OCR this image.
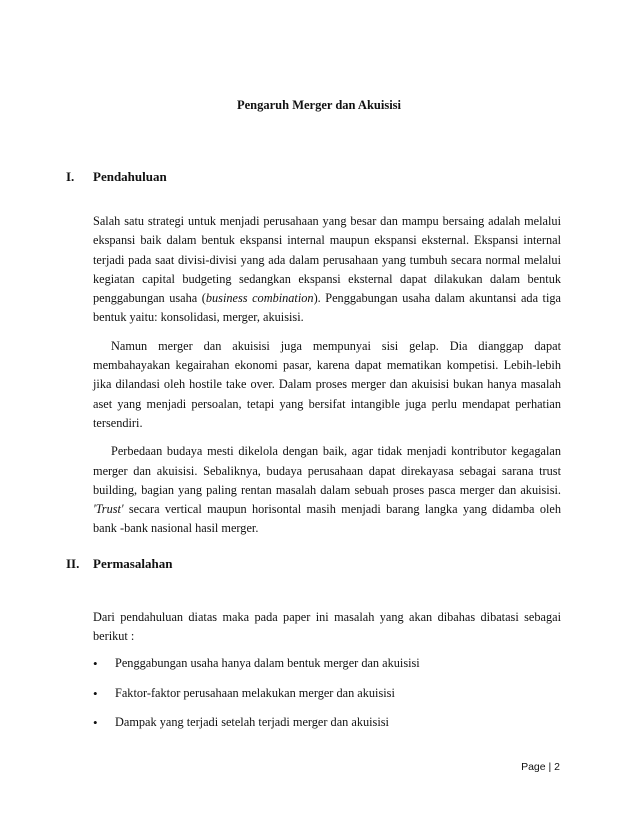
Pengaruh Merger dan Akuisisi
I. Pendahuluan

Salah satu strategi untuk menjadi perusahaan yang besar dan mampu bersaing adalah melalui ekspansi baik dalam bentuk ekspansi internal maupun ekspansi eksternal. Ekspansi internal terjadi pada saat divisi-divisi yang ada dalam perusahaan yang tumbuh secara normal melalui kegiatan capital budgeting sedangkan ekspansi eksternal dapat dilakukan dalam bentuk penggabungan usaha (business combination). Penggabungan usaha dalam akuntansi ada tiga bentuk yaitu: konsolidasi, merger, akuisisi.

Namun merger dan akuisisi juga mempunyai sisi gelap. Dia dianggap dapat membahayakan kegairahan ekonomi pasar, karena dapat mematikan kompetisi. Lebih-lebih jika dilandasi oleh hostile take over. Dalam proses merger dan akuisisi bukan hanya masalah aset yang menjadi persoalan, tetapi yang bersifat intangible juga perlu mendapat perhatian tersendiri.

Perbedaan budaya mesti dikelola dengan baik, agar tidak menjadi kontributor kegagalan merger dan akuisisi. Sebaliknya, budaya perusahaan dapat direkayasa sebagai sarana trust building, bagian yang paling rentan masalah dalam sebuah proses pasca merger dan akuisisi. 'Trust' secara vertical maupun horisontal masih menjadi barang langka yang didamba oleh bank -bank nasional hasil merger.

II. Permasalahan

Dari pendahuluan diatas maka pada paper ini masalah yang akan dibahas dibatasi sebagai berikut :

• Penggabungan usaha hanya dalam bentuk merger dan akuisisi
• Faktor-faktor perusahaan melakukan merger dan akuisisi
• Dampak yang terjadi setelah terjadi merger dan akuisisi
Page | 2
